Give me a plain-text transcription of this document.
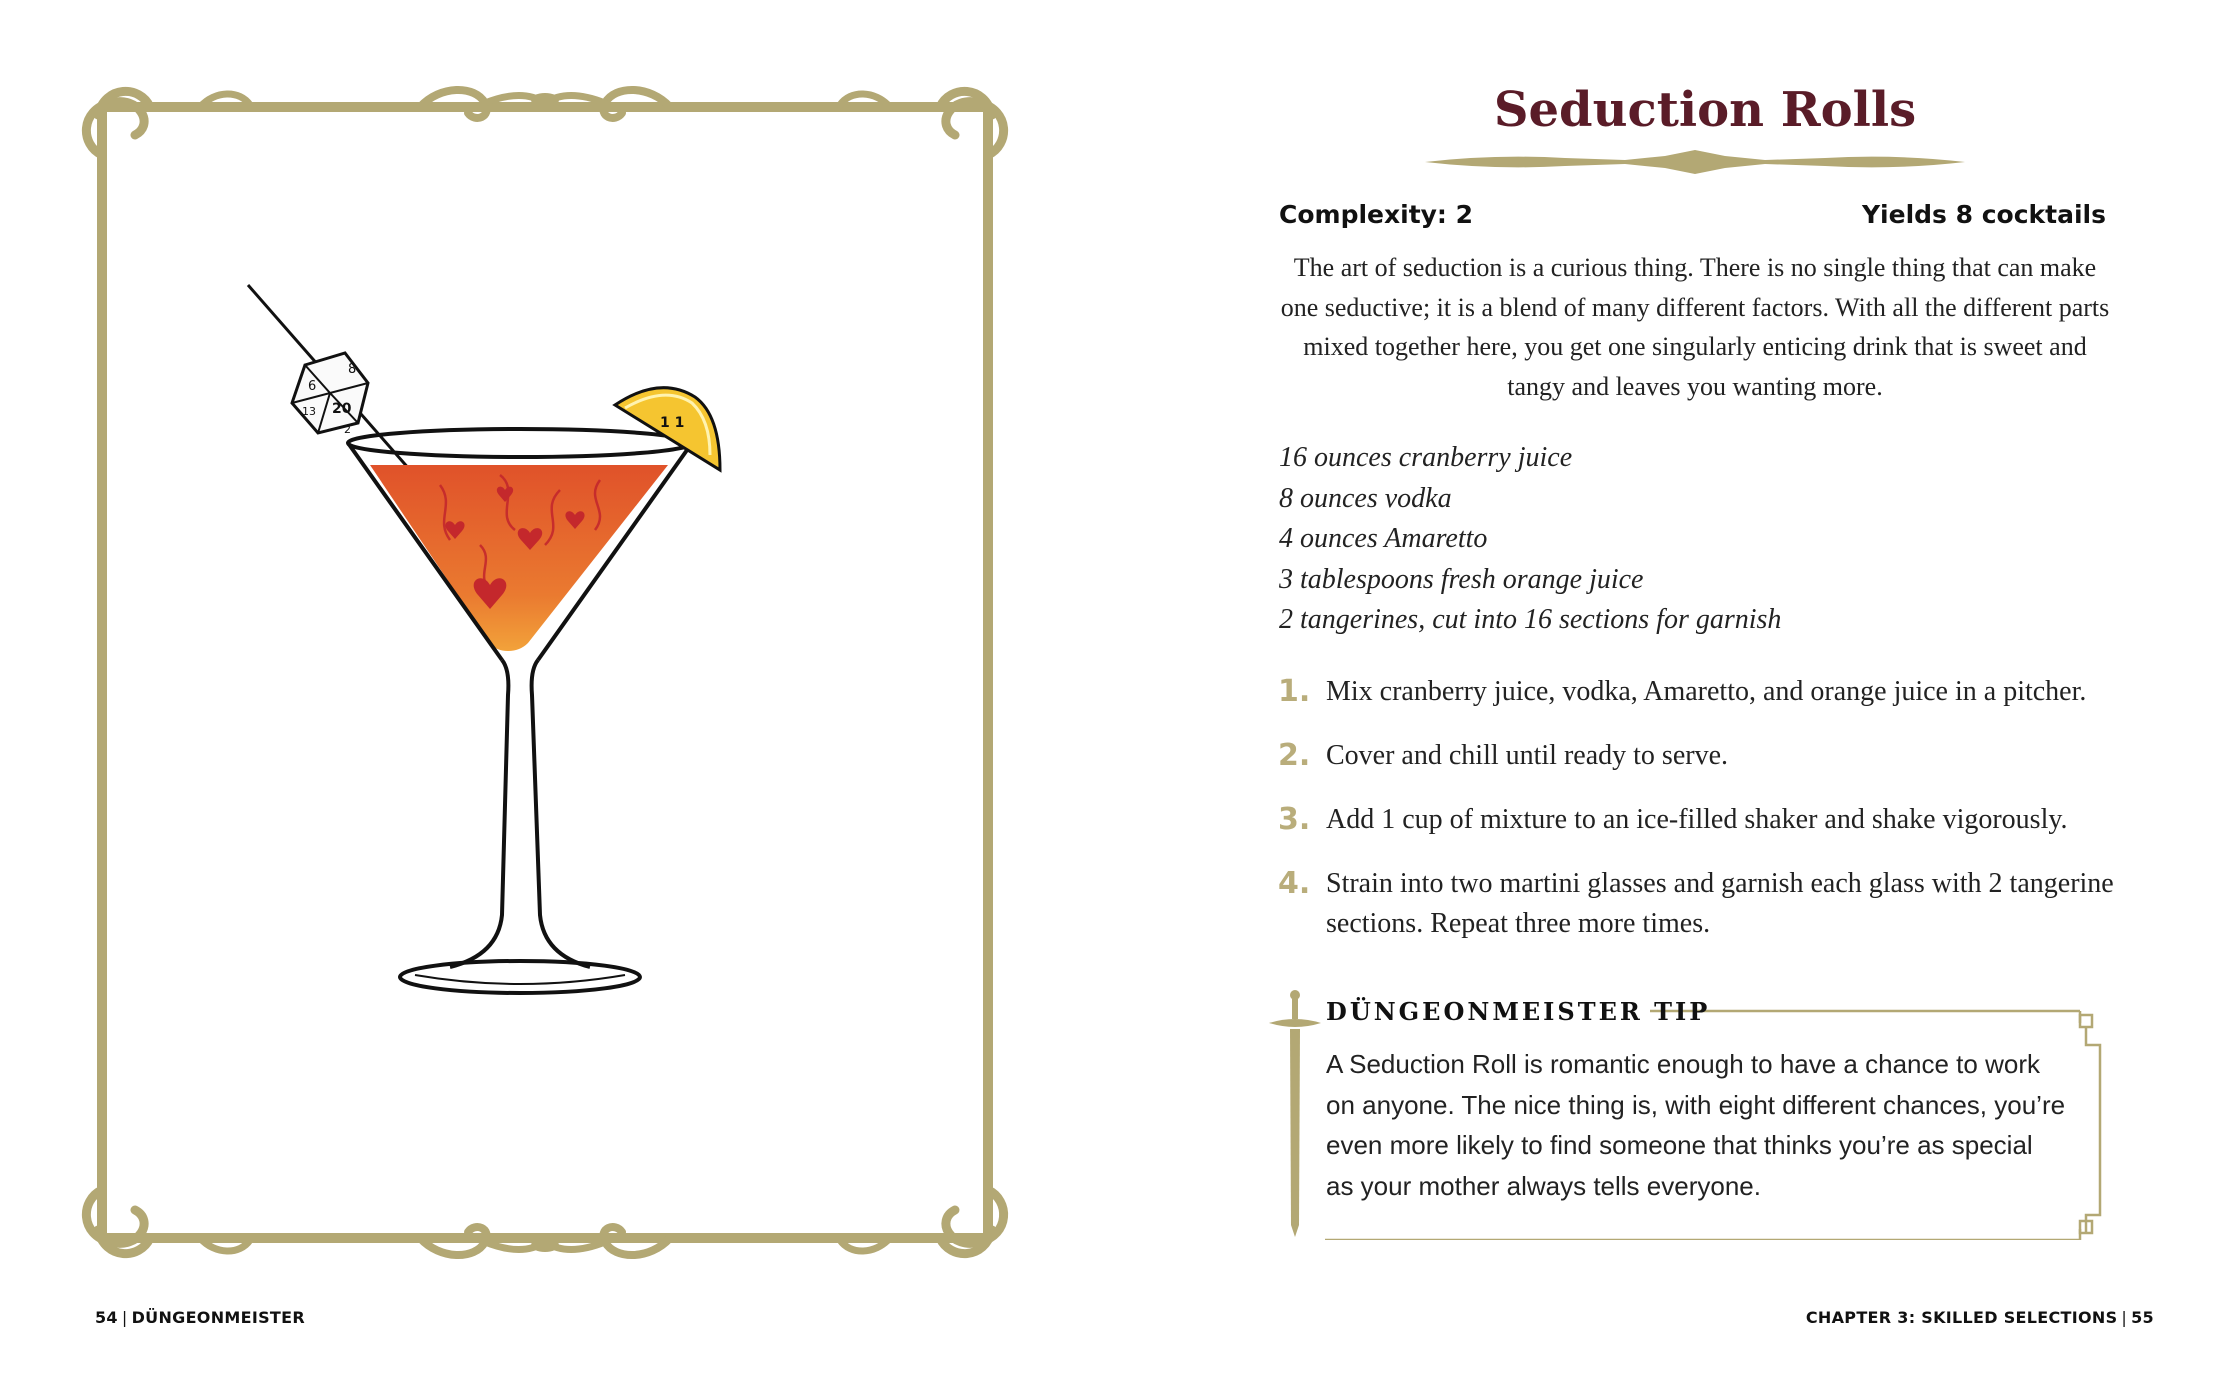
6
8
20
13
2	1 1
Seduction Rolls
Complexity: 2	Yields 8 cocktails
The art of seduction is a curious thing. There is no single thing that can make one seductive; it is a blend of many different factors. With all the different parts mixed together here, you get one singularly enticing drink that is sweet and tangy and leaves you wanting more.
16 ounces cranberry juice
8 ounces vodka
4 ounces Amaretto
3 tablespoons fresh orange juice
2 tangerines, cut into 16 sections for garnish
1. Mix cranberry juice, vodka, Amaretto, and orange juice in a pitcher.
2. Cover and chill until ready to serve.
3. Add 1 cup of mixture to an ice-filled shaker and shake vigorously.
4. Strain into two martini glasses and garnish each glass with 2 tangerine sections. Repeat three more times.
DÜNGEONMEISTER TIP
A Seduction Roll is romantic enough to have a chance to work on anyone. The nice thing is, with eight different chances, you’re even more likely to find someone that thinks you’re as special as your mother always tells everyone.
54 | DÜNGEONMEISTER	CHAPTER 3: SKILLED SELECTIONS | 55
